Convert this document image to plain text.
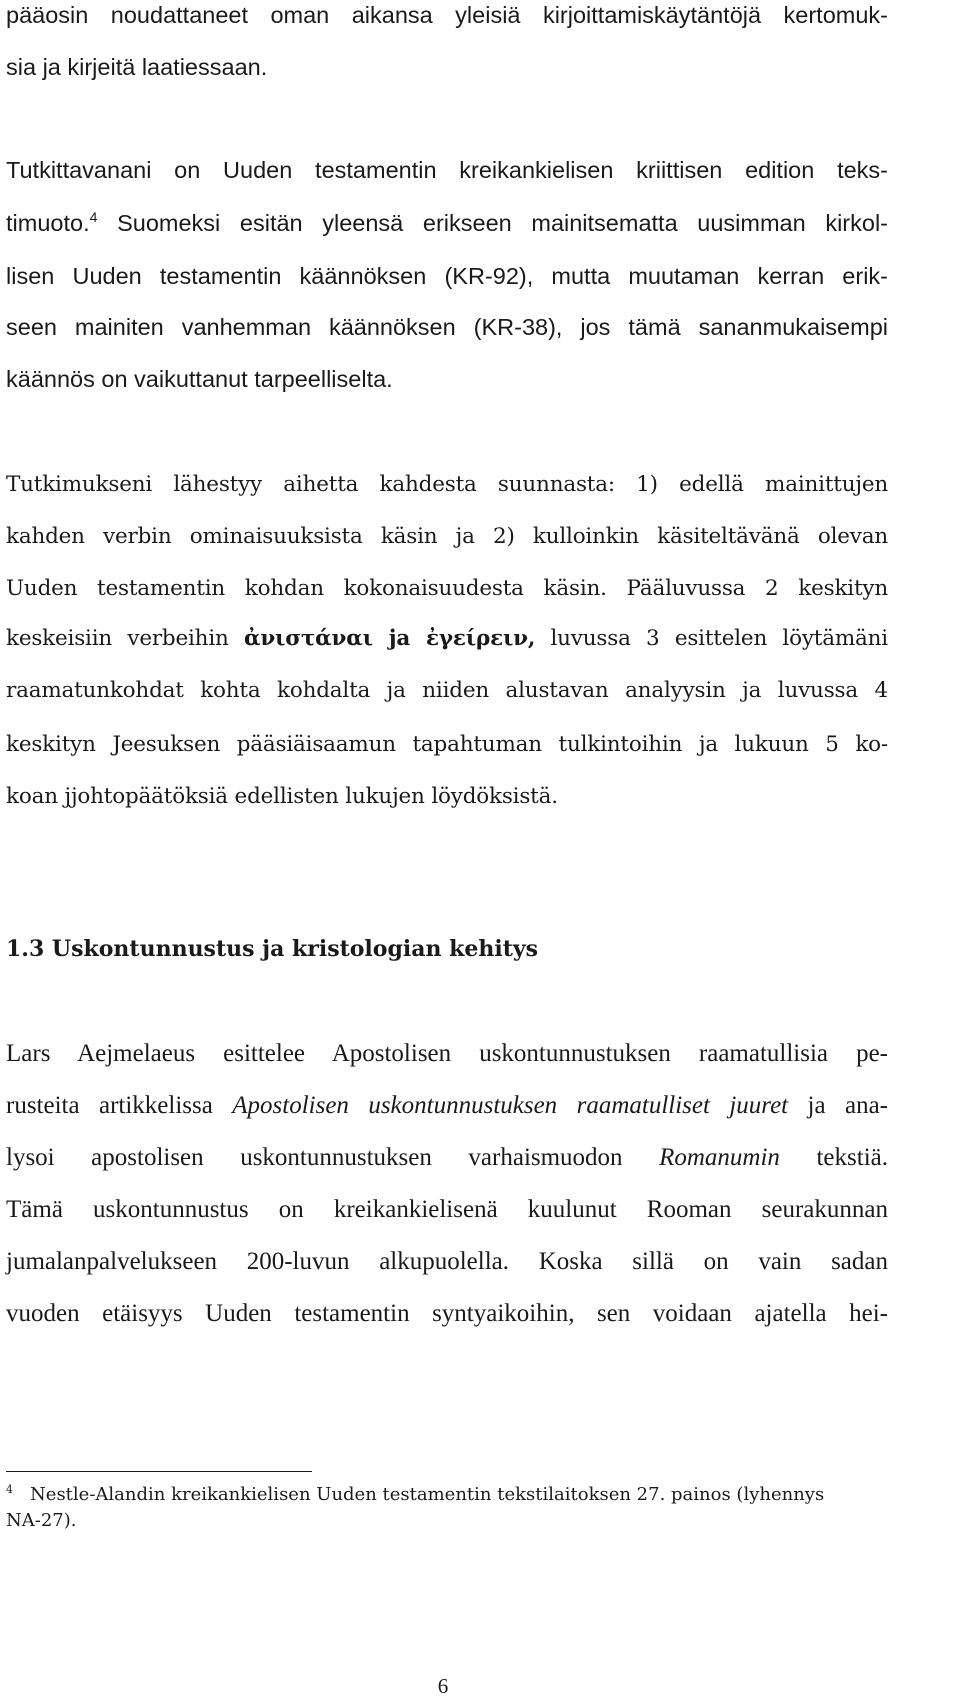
pääosin noudattaneet oman aikansa yleisiä kirjoittamiskäytäntöjä kertomuk-
sia ja kirjeitä laatiessaan.
Tutkittavanani on Uuden testamentin kreikankielisen kriittisen edition teks-
timuoto.$^4$ Suomeksi esitän yleensä erikseen mainitsematta uusimman kirkol-
lisen Uuden testamentin käännöksen (KR-92), mutta muutaman kerran erik-
seen mainiten vanhemman käännöksen (KR-38), jos tämä sananmukaisempi
käännös on vaikuttanut tarpeelliselta.
Tutkimukseni lähestyy aihetta kahdesta suunnasta: 1) edellä mainittujen
kahden verbin ominaisuuksista käsin ja 2) kulloinkin käsiteltävänä olevan
Uuden testamentin kohdan kokonaisuudesta käsin. Pääluvussa 2 keskityn
keskeisiin verbeihin ἀνιστάναι ja ἐγείρειν, luvussa 3 esittelen löytämäni
raamatunkohdat kohta kohdalta ja niiden alustavan analyysin ja luvussa 4
keskityn Jeesuksen pääsiäisaamun tapahtuman tulkintoihin ja lukuun 5 ko-
koan jjohtopäätöksiä edellisten lukujen löydöksistä.
1.3 Uskontunnustus ja kristologian kehitys
Lars Aejmelaeus esittelee Apostolisen uskontunnustuksen raamatullisia pe-
rusteita artikkelissa Apostolisen uskontunnustuksen raamatulliset juuret ja ana-
lysoi apostolisen uskontunnustuksen varhaismuodon Romanumin tekstiä.
Tämä uskontunnustus on kreikankielisenä kuulunut Rooman seurakunnan
jumalanpalvelukseen 200-luvun alkupuolella. Koska sillä on vain sadan
vuoden etäisyys Uuden testamentin syntyaikoihin, sen voidaan ajatella hei-
$^4$ Nestle-Alandin kreikankielisen Uuden testamentin tekstilaitoksen 27. painos (lyhennys
NA-27).
6
